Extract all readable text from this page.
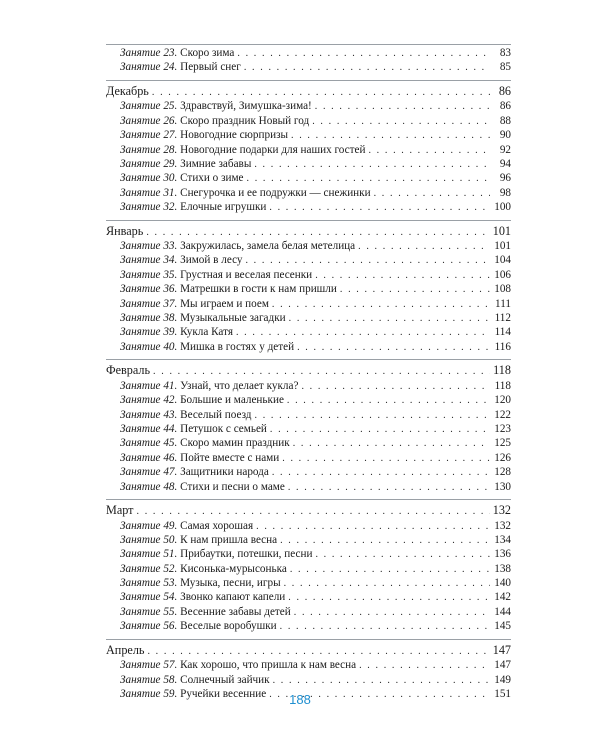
Занятие 23. Скоро зима . . .	83
Занятие 24. Первый снег . . .	85
Декабрь . . .	86
Занятие 25. Здравствуй, Зимушка-зима! . . .	86
Занятие 26. Скоро праздник Новый год . . .	88
Занятие 27. Новогодние сюрпризы . . .	90
Занятие 28. Новогодние подарки для наших гостей . . .	92
Занятие 29. Зимние забавы . . .	94
Занятие 30. Стихи о зиме . . .	96
Занятие 31. Снегурочка и ее подружки — снежинки . . .	98
Занятие 32. Елочные игрушки . . .	100
Январь . . .	101
Занятие 33. Закружилась, замела белая метелица . . .	101
Занятие 34. Зимой в лесу . . .	104
Занятие 35. Грустная и веселая песенки . . .	106
Занятие 36. Матрешки в гости к нам пришли . . .	108
Занятие 37. Мы играем и поем . . .	111
Занятие 38. Музыкальные загадки . . .	112
Занятие 39. Кукла Катя . . .	114
Занятие 40. Мишка в гостях у детей . . .	116
Февраль . . .	118
Занятие 41. Узнай, что делает кукла? . . .	118
Занятие 42. Большие и маленькие . . .	120
Занятие 43. Веселый поезд . . .	122
Занятие 44. Петушок с семьей . . .	123
Занятие 45. Скоро мамин праздник . . .	125
Занятие 46. Пойте вместе с нами . . .	126
Занятие 47. Защитники народа . . .	128
Занятие 48. Стихи и песни о маме . . .	130
Март . . .	132
Занятие 49. Самая хорошая . . .	132
Занятие 50. К нам пришла весна . . .	134
Занятие 51. Прибаутки, потешки, песни . . .	136
Занятие 52. Кисонька-мурысонька . . .	138
Занятие 53. Музыка, песни, игры . . .	140
Занятие 54. Звонко капают капели . . .	142
Занятие 55. Весенние забавы детей . . .	144
Занятие 56. Веселые воробушки . . .	145
Апрель . . .	147
Занятие 57. Как хорошо, что пришла к нам весна . . .	147
Занятие 58. Солнечный зайчик . . .	149
Занятие 59. Ручейки весенние . . .	151
188
